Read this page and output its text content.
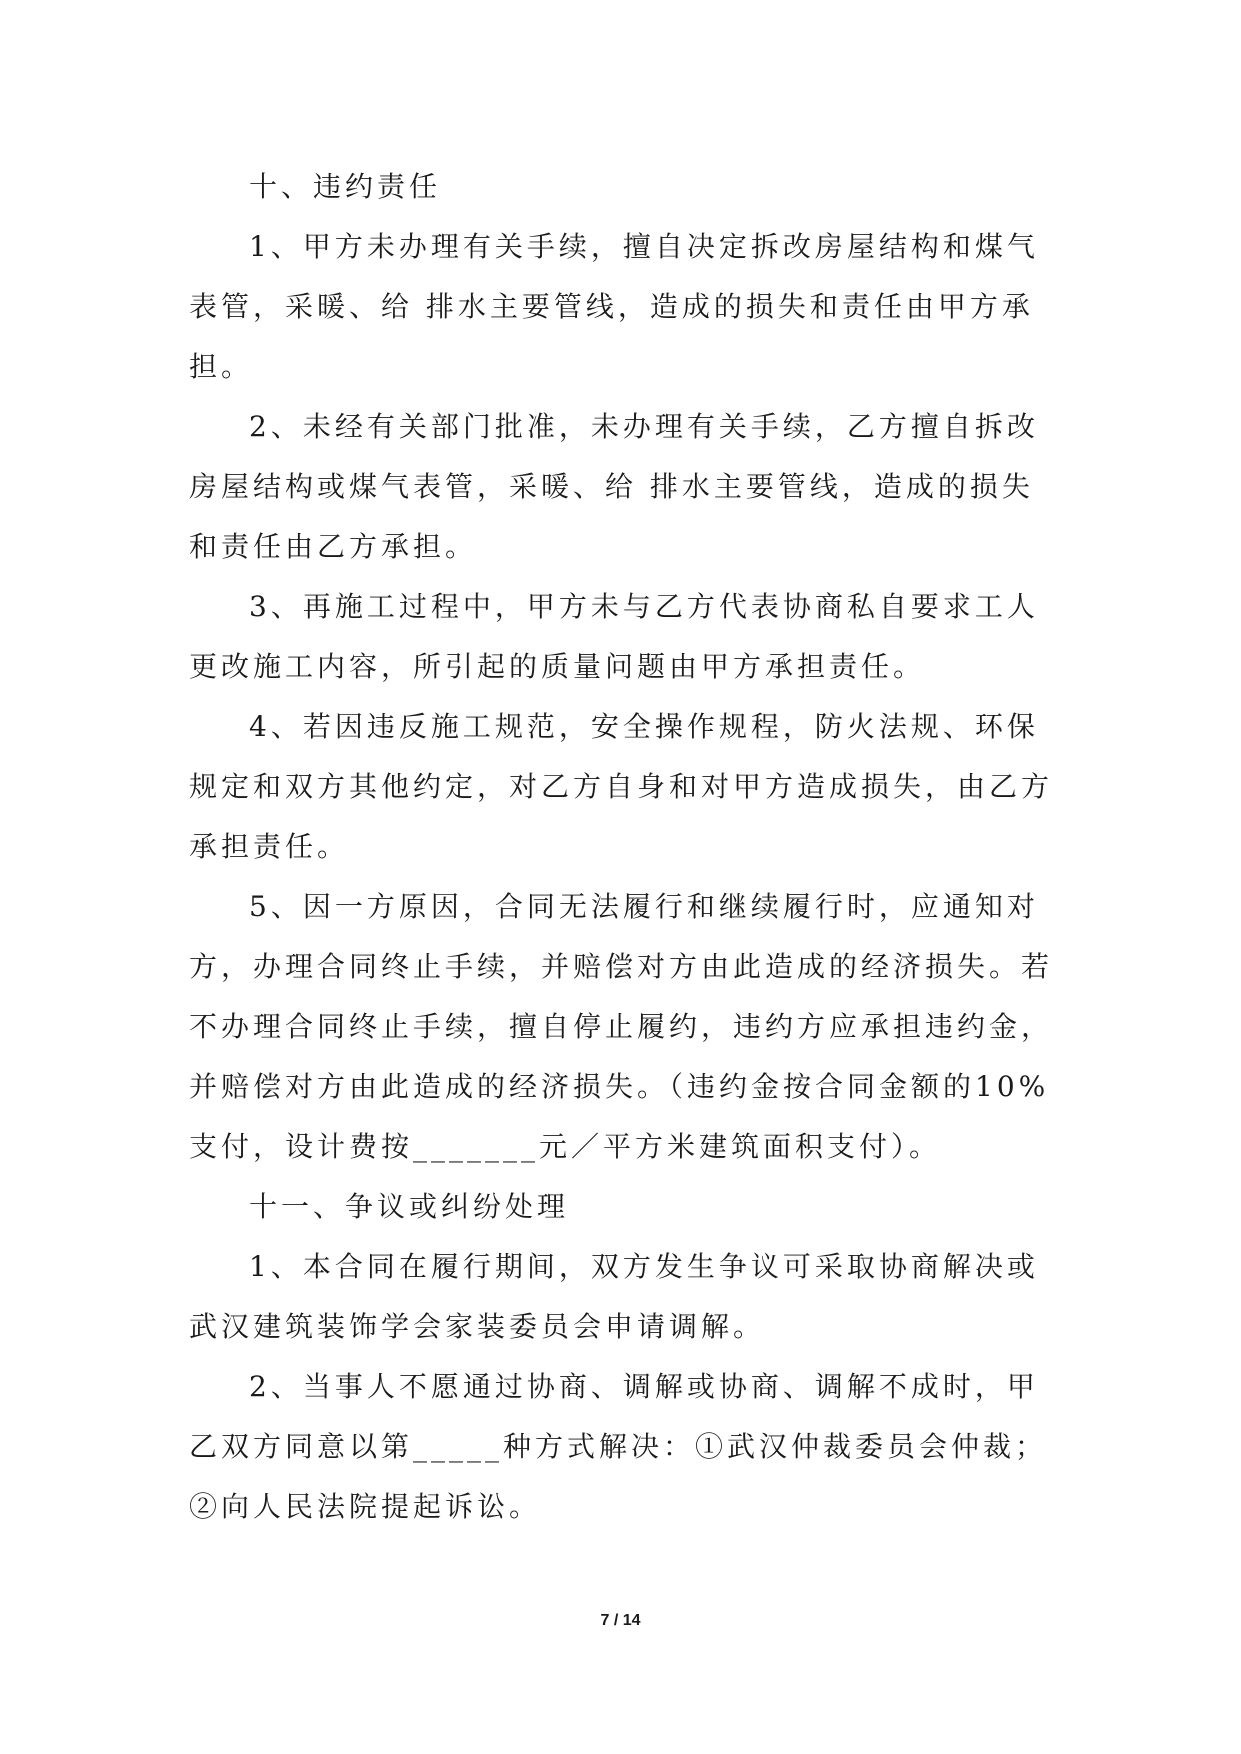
十、违约责任

1、甲方未办理有关手续，擅自决定拆改房屋结构和煤气表管，采暖、给 排水主要管线，造成的损失和责任由甲方承担。

2、未经有关部门批准，未办理有关手续，乙方擅自拆改房屋结构或煤气表管，采暖、给 排水主要管线，造成的损失和责任由乙方承担。

3、再施工过程中，甲方未与乙方代表协商私自要求工人更改施工内容，所引起的质量问题由甲方承担责任。

4、若因违反施工规范，安全操作规程，防火法规、环保规定和双方其他约定，对乙方自身和对甲方造成损失，由乙方承担责任。

5、因一方原因，合同无法履行和继续履行时，应通知对方，办理合同终止手续，并赔偿对方由此造成的经济损失。若不办理合同终止手续，擅自停止履约，违约方应承担违约金，并赔偿对方由此造成的经济损失。（违约金按合同金额的10%支付，设计费按_______元／平方米建筑面积支付）。

十一、争议或纠纷处理

1、本合同在履行期间，双方发生争议可采取协商解决或武汉建筑装饰学会家装委员会申请调解。

2、当事人不愿通过协商、调解或协商、调解不成时，甲乙双方同意以第_____种方式解决：①武汉仲裁委员会仲裁；②向人民法院提起诉讼。

7 / 14
